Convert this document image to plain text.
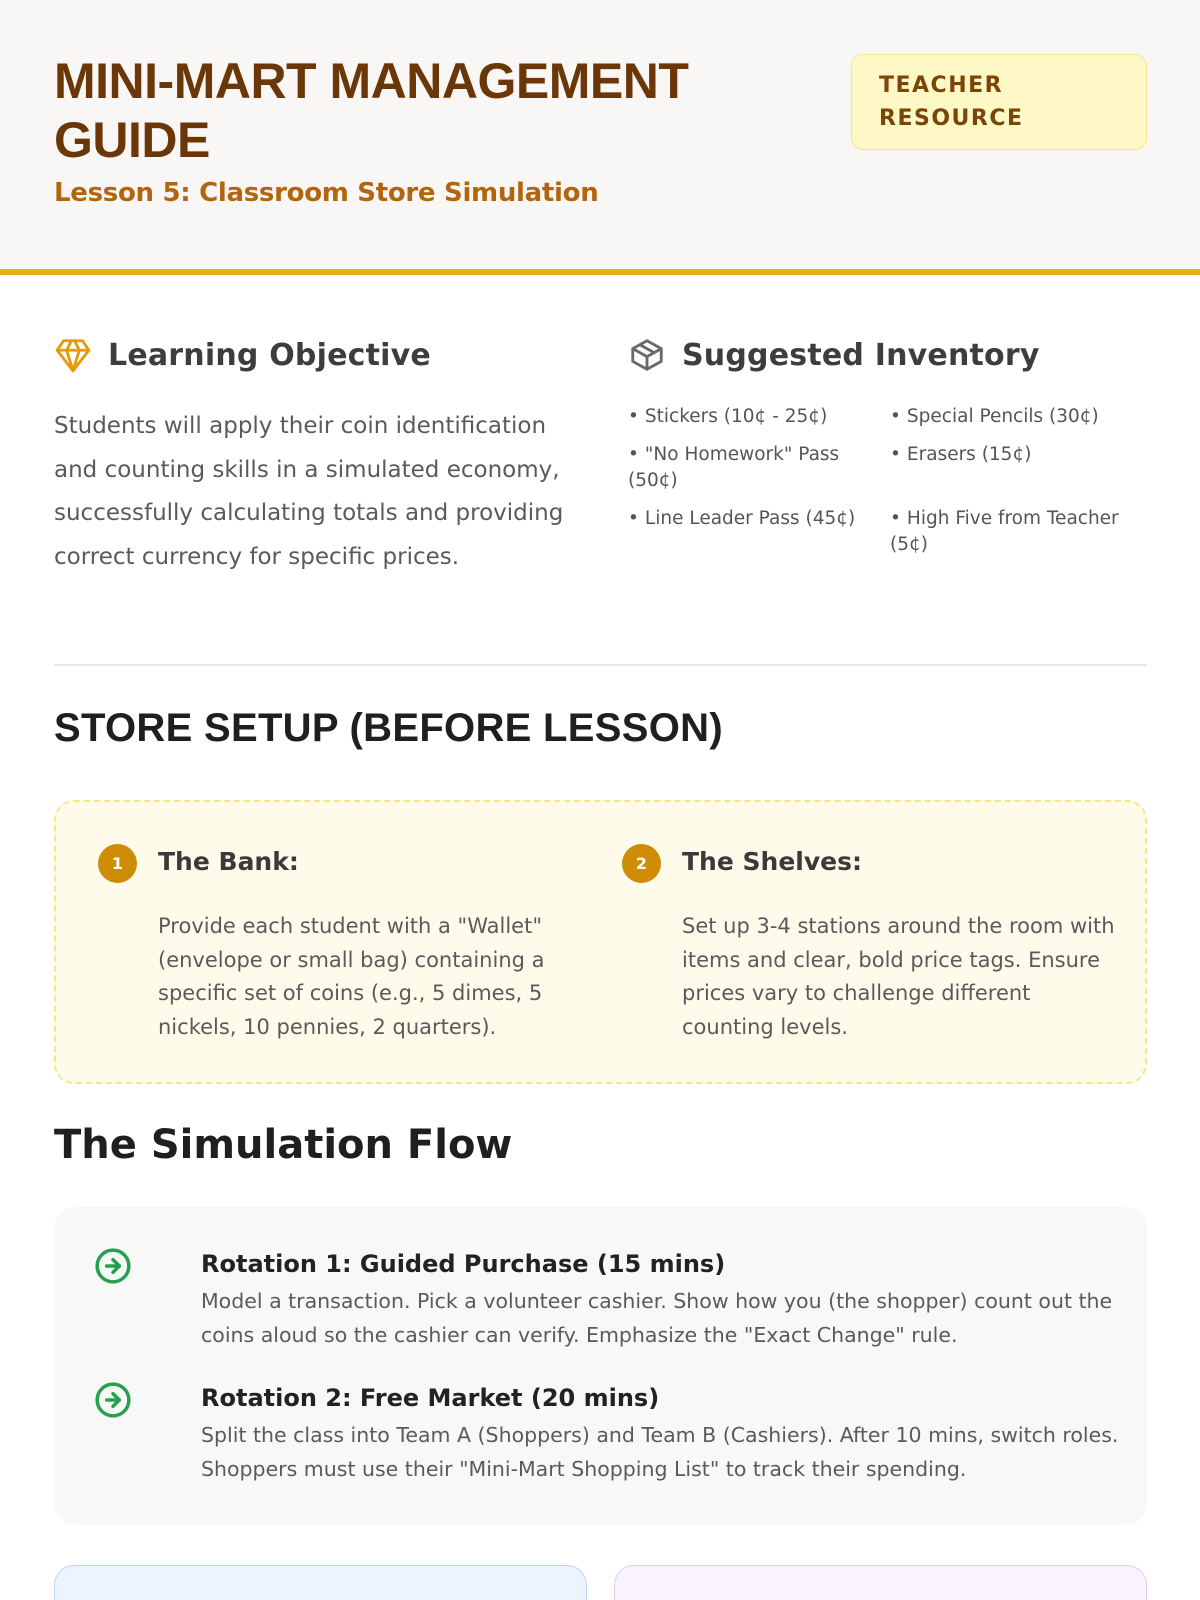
MINI-MART MANAGEMENT GUIDE
Lesson 5: Classroom Store Simulation
TEACHER
RESOURCE
Learning Objective

Students will apply their coin identification and counting skills in a simulated economy, successfully calculating totals and providing correct currency for specific prices.

Suggested Inventory
• Stickers (10¢ - 25¢)	• Special Pencils (30¢)
• "No Homework" Pass (50¢)
• Erasers (15¢)
• Line Leader Pass (45¢)	• High Five from Teacher (5¢)
STORE SETUP (BEFORE LESSON)
1	The Bank:
Provide each student with a "Wallet" (envelope or small bag) containing a specific set of coins (e.g., 5 dimes, 5 nickels, 10 pennies, 2 quarters).
2	The Shelves:
Set up 3-4 stations around the room with items and clear, bold price tags. Ensure prices vary to challenge different counting levels.
The Simulation Flow
Rotation 1: Guided Purchase (15 mins)
Model a transaction. Pick a volunteer cashier. Show how you (the shopper) count out the coins aloud so the cashier can verify. Emphasize the "Exact Change" rule.
Rotation 2: Free Market (20 mins)
Split the class into Team A (Shoppers) and Team B (Cashiers). After 10 mins, switch roles. Shoppers must use their "Mini-Mart Shopping List" to track their spending.
